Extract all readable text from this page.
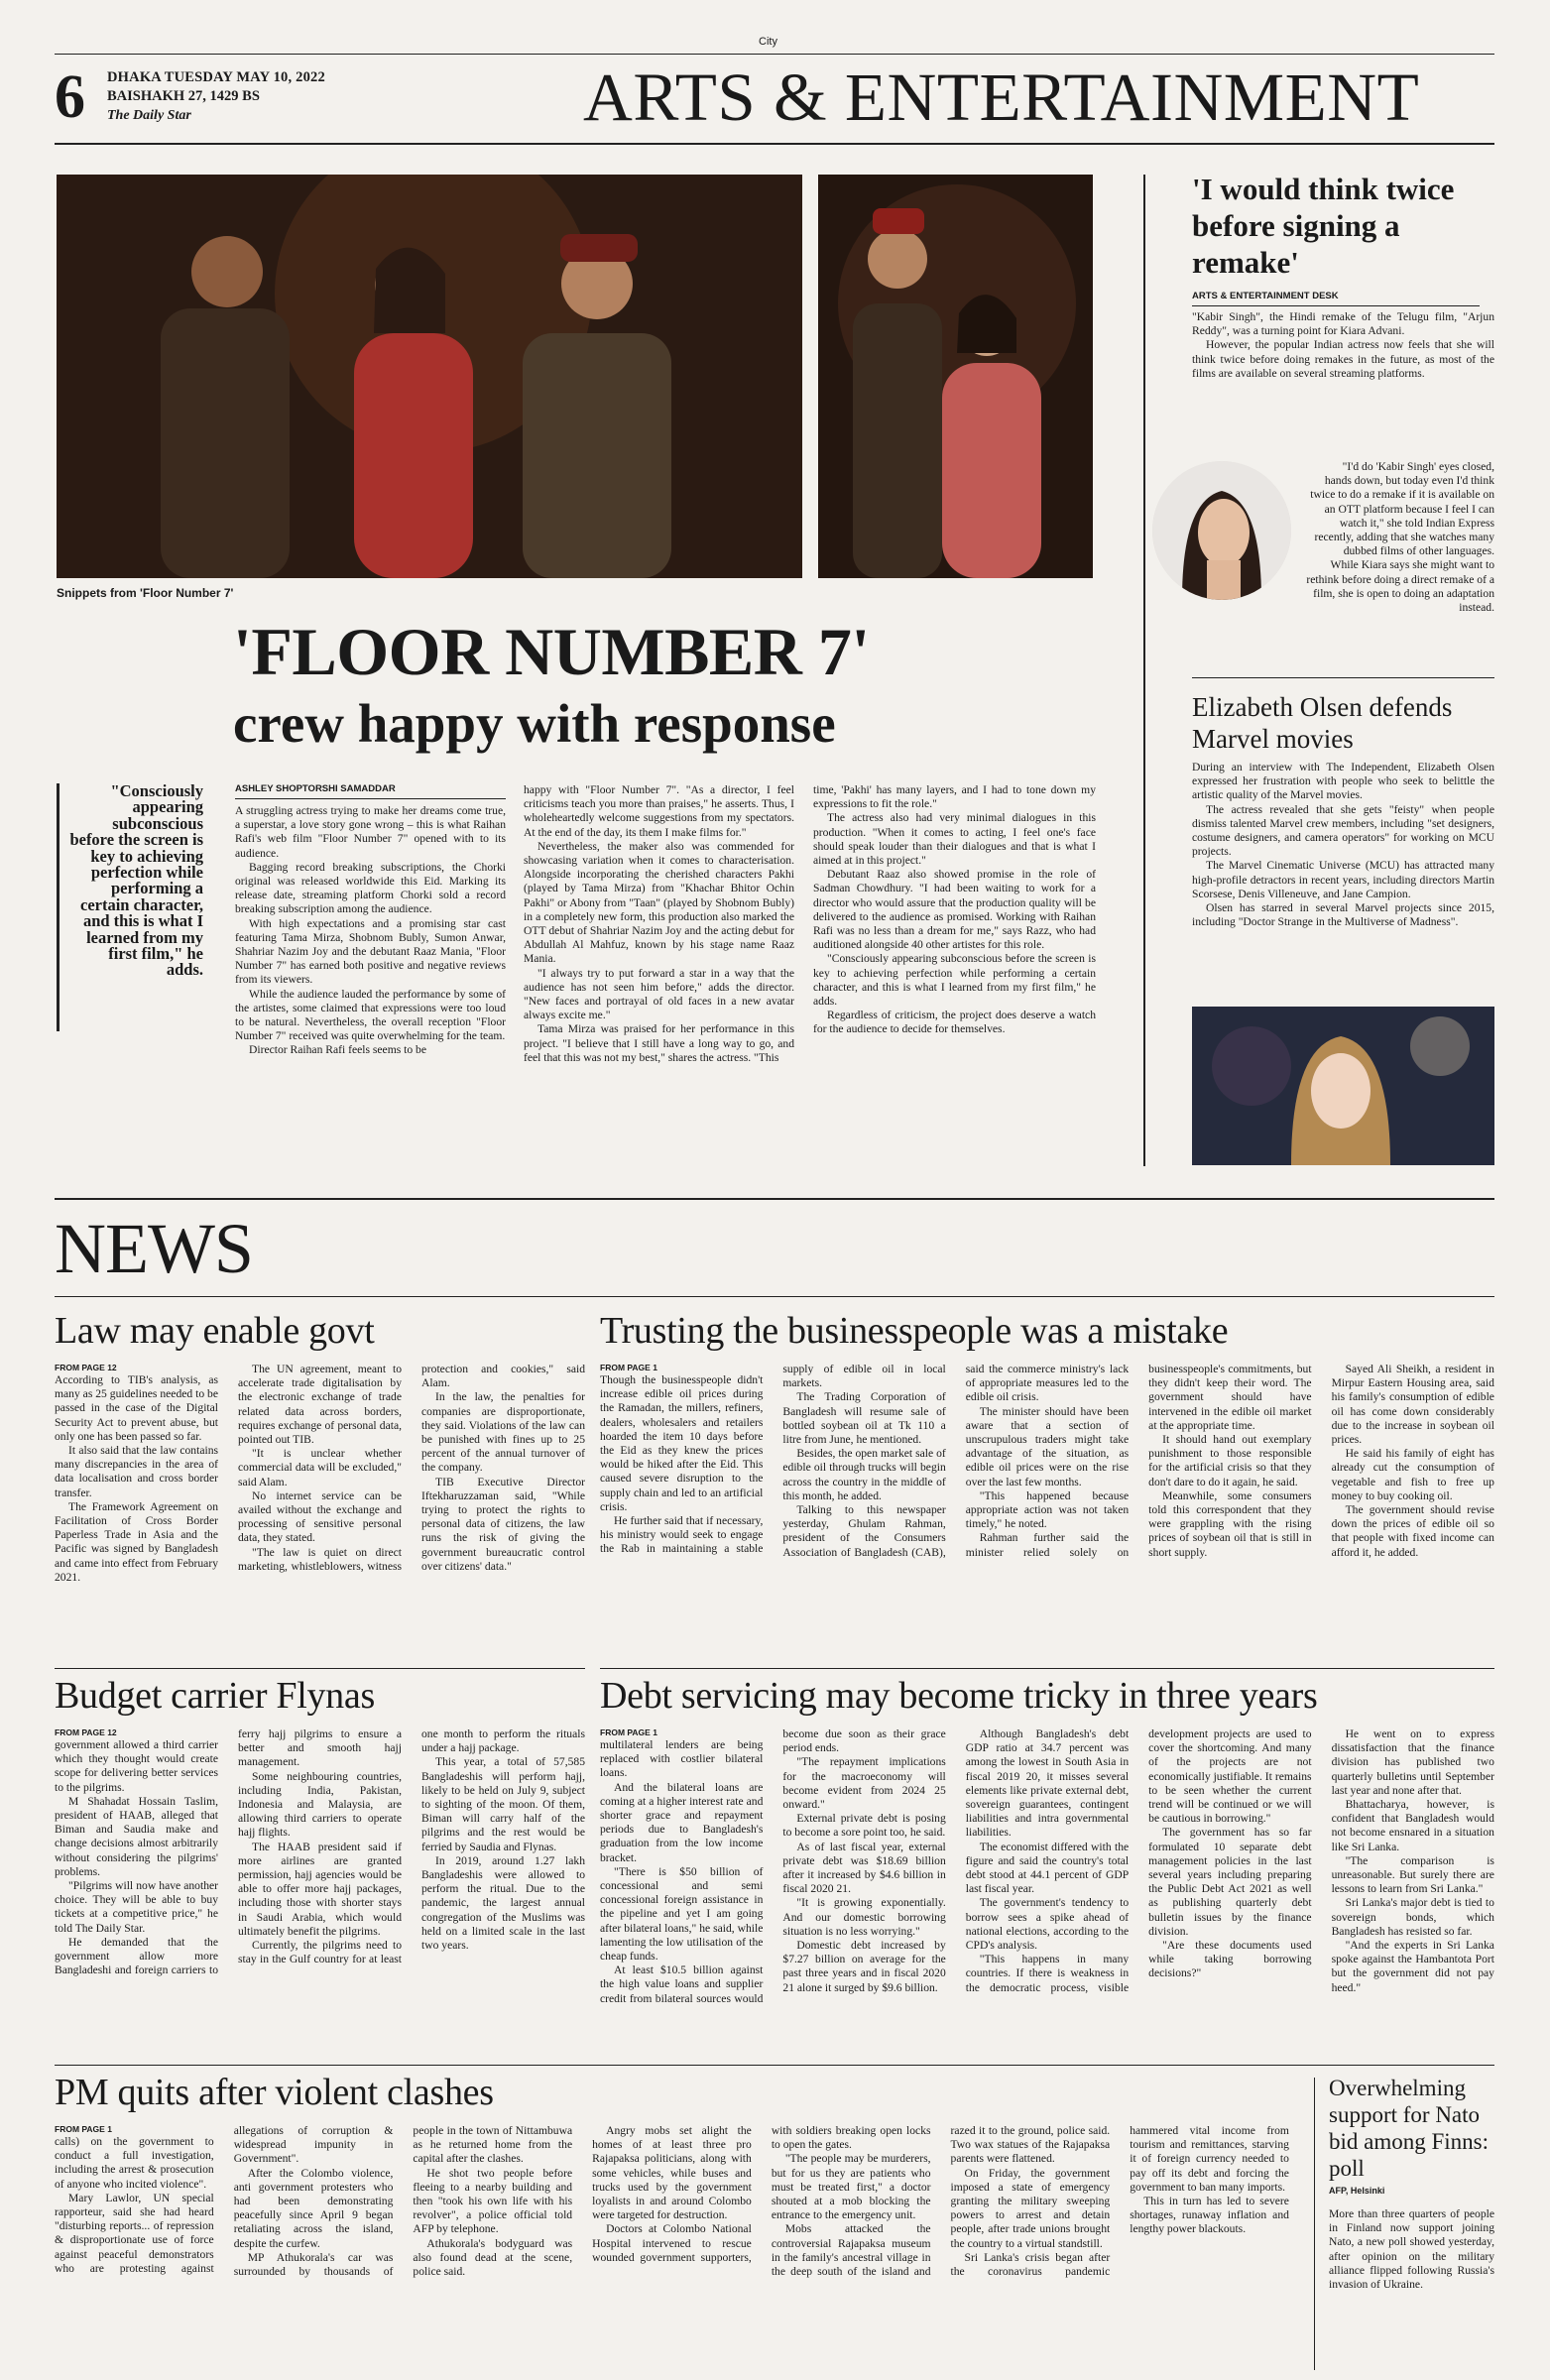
City
6 DHAKA TUESDAY MAY 10, 2022
BAISHAKH 27, 1429 BS
The Daily Star	ARTS & ENTERTAINMENT
Snippets from 'Floor Number 7'
'FLOOR NUMBER 7'
crew happy with response
"Consciously appearing subconscious before the screen is key to achieving perfection while performing a certain character, and this is what I learned from my first film," he adds.
ASHLEY SHOPTORSHI SAMADDAR

A struggling actress trying to make her dreams come true, a superstar, a love story gone wrong – this is what Raihan Rafi's web film "Floor Number 7" opened with to its audience.

Bagging record breaking subscriptions, the Chorki original was released worldwide this Eid. Marking its release date, streaming platform Chorki sold a record breaking subscription among the audience.

With high expectations and a promising star cast featuring Tama Mirza, Shobnom Bubly, Sumon Anwar, Shahriar Nazim Joy and the debutant Raaz Mania, "Floor Number 7" has earned both positive and negative reviews from its viewers.

While the audience lauded the performance by some of the artistes, some claimed that expressions were too loud to be natural. Nevertheless, the overall reception "Floor Number 7" received was quite overwhelming for the team.

Director Raihan Rafi feels seems to be

happy with "Floor Number 7". "As a director, I feel criticisms teach you more than praises," he asserts. Thus, I wholeheartedly welcome suggestions from my spectators. At the end of the day, its them I make films for."

Nevertheless, the maker also was commended for showcasing variation when it comes to characterisation. Alongside incorporating the cherished characters Pakhi (played by Tama Mirza) from "Khachar Bhitor Ochin Pakhi" or Abony from "Taan" (played by Shobnom Bubly) in a completely new form, this production also marked the OTT debut of Shahriar Nazim Joy and the acting debut for Abdullah Al Mahfuz, known by his stage name Raaz Mania.

"I always try to put forward a star in a way that the audience has not seen him before," adds the director. "New faces and portrayal of old faces in a new avatar always excite me."

Tama Mirza was praised for her performance in this project. "I believe that I still have a long way to go, and feel that this was not my best," shares the actress. "This

time, 'Pakhi' has many layers, and I had to tone down my expressions to fit the role."

The actress also had very minimal dialogues in this production. "When it comes to acting, I feel one's face should speak louder than their dialogues and that is what I aimed at in this project."

Debutant Raaz also showed promise in the role of Sadman Chowdhury. "I had been waiting to work for a director who would assure that the production quality will be delivered to the audience as promised. Working with Raihan Rafi was no less than a dream for me," says Razz, who had auditioned alongside 40 other artistes for this role.

"Consciously appearing subconscious before the screen is key to achieving perfection while performing a certain character, and this is what I learned from my first film," he adds.

Regardless of criticism, the project does deserve a watch for the audience to decide for themselves.

'I would think twice before signing a remake'
ARTS & ENTERTAINMENT DESK

"Kabir Singh", the Hindi remake of the Telugu film, "Arjun Reddy", was a turning point for Kiara Advani.

However, the popular Indian actress now feels that she will think twice before doing remakes in the future, as most of the films are available on several streaming platforms.

"I'd do 'Kabir Singh' eyes closed, hands down, but today even I'd think twice to do a remake if it is available on an OTT platform because I feel I can watch it," she told Indian Express recently, adding that she watches many dubbed films of other languages.

While Kiara says she might want to rethink before doing a direct remake of a film, she is open to doing an adaptation instead.

Elizabeth Olsen defends Marvel movies

During an interview with The Independent, Elizabeth Olsen expressed her frustration with people who seek to belittle the artistic quality of the Marvel movies.

The actress revealed that she gets "feisty" when people dismiss talented Marvel crew members, including "set designers, costume designers, and camera operators" for working on MCU projects.

The Marvel Cinematic Universe (MCU) has attracted many high-profile detractors in recent years, including directors Martin Scorsese, Denis Villeneuve, and Jane Campion.

Olsen has starred in several Marvel projects since 2015, including "Doctor Strange in the Multiverse of Madness".

NEWS
Law may enable govt
FROM PAGE 12

According to TIB's analysis, as many as 25 guidelines needed to be passed in the case of the Digital Security Act to prevent abuse, but only one has been passed so far.

It also said that the law contains many discrepancies in the area of data localisation and cross border transfer.

The Framework Agreement on Facilitation of Cross Border Paperless Trade in Asia and the Pacific was signed by Bangladesh and came into effect from February 2021.

The UN agreement, meant to accelerate trade digitalisation by the electronic exchange of trade related data across borders, requires exchange of personal data, pointed out TIB.

"It is unclear whether commercial data will be excluded," said Alam.

No internet service can be availed without the exchange and processing of sensitive personal data, they stated.

"The law is quiet on direct marketing, whistleblowers, witness protection and cookies," said Alam.

In the law, the penalties for companies are disproportionate, they said. Violations of the law can be punished with fines up to 25 percent of the annual turnover of the company.

TIB Executive Director Iftekharuzzaman said, "While trying to protect the rights to personal data of citizens, the law runs the risk of giving the government bureaucratic control over citizens' data."

Trusting the businesspeople was a mistake
FROM PAGE 1

Though the businesspeople didn't increase edible oil prices during the Ramadan, the millers, refiners, dealers, wholesalers and retailers hoarded the item 10 days before the Eid as they knew the prices would be hiked after the Eid. This caused severe disruption to the supply chain and led to an artificial crisis.

He further said that if necessary, his ministry would seek to engage the Rab in maintaining a stable supply of edible oil in local markets.

The Trading Corporation of Bangladesh will resume sale of bottled soybean oil at Tk 110 a litre from June, he mentioned.

Besides, the open market sale of edible oil through trucks will begin across the country in the middle of this month, he added.

Talking to this newspaper yesterday, Ghulam Rahman, president of the Consumers Association of Bangladesh (CAB), said the commerce ministry's lack of appropriate measures led to the edible oil crisis.

The minister should have been aware that a section of unscrupulous traders might take advantage of the situation, as edible oil prices were on the rise over the last few months.

"This happened because appropriate action was not taken timely," he noted.

Rahman further said the minister relied solely on businesspeople's commitments, but they didn't keep their word. The government should have intervened in the edible oil market at the appropriate time.

It should hand out exemplary punishment to those responsible for the artificial crisis so that they don't dare to do it again, he said.

Meanwhile, some consumers told this correspondent that they were grappling with the rising prices of soybean oil that is still in short supply.

Sayed Ali Sheikh, a resident in Mirpur Eastern Housing area, said his family's consumption of edible oil has come down considerably due to the increase in soybean oil prices.

He said his family of eight has already cut the consumption of vegetable and fish to free up money to buy cooking oil.

The government should revise down the prices of edible oil so that people with fixed income can afford it, he added.

Budget carrier Flynas
FROM PAGE 12

government allowed a third carrier which they thought would create scope for delivering better services to the pilgrims.

M Shahadat Hossain Taslim, president of HAAB, alleged that Biman and Saudia make and change decisions almost arbitrarily without considering the pilgrims' problems.

"Pilgrims will now have another choice. They will be able to buy tickets at a competitive price," he told The Daily Star.

He demanded that the government allow more Bangladeshi and foreign carriers to ferry hajj pilgrims to ensure a better and smooth hajj management.

Some neighbouring countries, including India, Pakistan, Indonesia and Malaysia, are allowing third carriers to operate hajj flights.

The HAAB president said if more airlines are granted permission, hajj agencies would be able to offer more hajj packages, including those with shorter stays in Saudi Arabia, which would ultimately benefit the pilgrims.

Currently, the pilgrims need to stay in the Gulf country for at least one month to perform the rituals under a hajj package.

This year, a total of 57,585 Bangladeshis will perform hajj, likely to be held on July 9, subject to sighting of the moon. Of them, Biman will carry half of the pilgrims and the rest would be ferried by Saudia and Flynas.

In 2019, around 1.27 lakh Bangladeshis were allowed to perform the ritual. Due to the pandemic, the largest annual congregation of the Muslims was held on a limited scale in the last two years.

Debt servicing may become tricky in three years
FROM PAGE 1

multilateral lenders are being replaced with costlier bilateral loans.

And the bilateral loans are coming at a higher interest rate and shorter grace and repayment periods due to Bangladesh's graduation from the low income bracket.

"There is $50 billion of concessional and semi concessional foreign assistance in the pipeline and yet I am going after bilateral loans," he said, while lamenting the low utilisation of the cheap funds.

At least $10.5 billion against the high value loans and supplier credit from bilateral sources would become due soon as their grace period ends.

"The repayment implications for the macroeconomy will become evident from 2024 25 onward."

External private debt is posing to become a sore point too, he said.

As of last fiscal year, external private debt was $18.69 billion after it increased by $4.6 billion in fiscal 2020 21.

"It is growing exponentially. And our domestic borrowing situation is no less worrying."

Domestic debt increased by $7.27 billion on average for the past three years and in fiscal 2020 21 alone it surged by $9.6 billion.

Although Bangladesh's debt GDP ratio at 34.7 percent was among the lowest in South Asia in fiscal 2019 20, it misses several elements like private external debt, sovereign guarantees, contingent liabilities and intra governmental liabilities.

The economist differed with the figure and said the country's total debt stood at 44.1 percent of GDP last fiscal year.

The government's tendency to borrow sees a spike ahead of national elections, according to the CPD's analysis.

"This happens in many countries. If there is weakness in the democratic process, visible development projects are used to cover the shortcoming. And many of the projects are not economically justifiable. It remains to be seen whether the current trend will be continued or we will be cautious in borrowing."

The government has so far formulated 10 separate debt management policies in the last several years including preparing the Public Debt Act 2021 as well as publishing quarterly debt bulletin issues by the finance division.

"Are these documents used while taking borrowing decisions?"

He went on to express dissatisfaction that the finance division has published two quarterly bulletins until September last year and none after that.

Bhattacharya, however, is confident that Bangladesh would not become ensnared in a situation like Sri Lanka.

"The comparison is unreasonable. But surely there are lessons to learn from Sri Lanka."

Sri Lanka's major debt is tied to sovereign bonds, which Bangladesh has resisted so far.

"And the experts in Sri Lanka spoke against the Hambantota Port but the government did not pay heed."

PM quits after violent clashes
FROM PAGE 1

calls) on the government to conduct a full investigation, including the arrest & prosecution of anyone who incited violence".

Mary Lawlor, UN special rapporteur, said she had heard "disturbing reports... of repression & disproportionate use of force against peaceful demonstrators who are protesting against allegations of corruption & widespread impunity in Government".

After the Colombo violence, anti government protesters who had been demonstrating peacefully since April 9 began retaliating across the island, despite the curfew.

MP Athukorala's car was surrounded by thousands of people in the town of Nittambuwa as he returned home from the capital after the clashes.

He shot two people before fleeing to a nearby building and then "took his own life with his revolver", a police official told AFP by telephone.

Athukorala's bodyguard was also found dead at the scene, police said.

Angry mobs set alight the homes of at least three pro Rajapaksa politicians, along with some vehicles, while buses and trucks used by the government loyalists in and around Colombo were targeted for destruction.

Doctors at Colombo National Hospital intervened to rescue wounded government supporters, with soldiers breaking open locks to open the gates.

"The people may be murderers, but for us they are patients who must be treated first," a doctor shouted at a mob blocking the entrance to the emergency unit.

Mobs attacked the controversial Rajapaksa museum in the family's ancestral village in the deep south of the island and razed it to the ground, police said. Two wax statues of the Rajapaksa parents were flattened.

On Friday, the government imposed a state of emergency granting the military sweeping powers to arrest and detain people, after trade unions brought the country to a virtual standstill.

Sri Lanka's crisis began after the coronavirus pandemic hammered vital income from tourism and remittances, starving it of foreign currency needed to pay off its debt and forcing the government to ban many imports.

This in turn has led to severe shortages, runaway inflation and lengthy power blackouts.

Overwhelming support for Nato bid among Finns: poll
AFP, Helsinki

More than three quarters of people in Finland now support joining Nato, a new poll showed yesterday, after opinion on the military alliance flipped following Russia's invasion of Ukraine.
